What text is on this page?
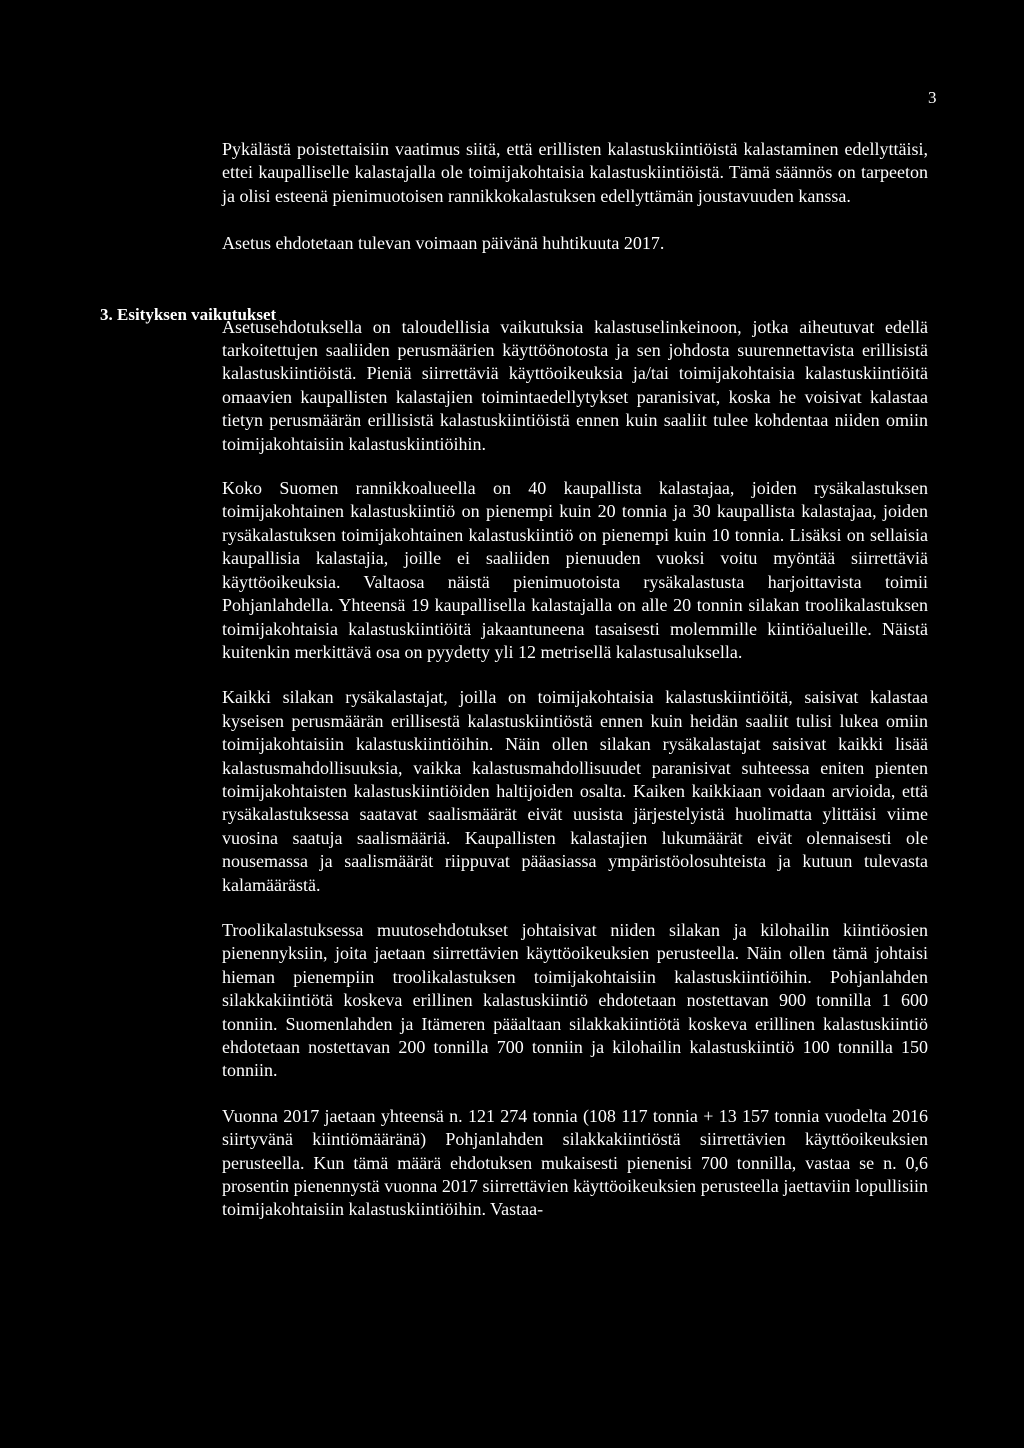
3
3. Esityksen vaikutukset

Pykälästä poistettaisiin vaatimus siitä, että erillisten kalastuskiintiöistä kalastaminen edellyttäisi, ettei kaupalliselle kalastajalla ole toimijakohtaisia kalastuskiintiöistä. Tämä säännös on tarpeeton ja olisi esteenä pienimuotoisen rannikkokalastuksen edellyttämän joustavuuden kanssa.

Asetus ehdotetaan tulevan voimaan päivänä huhtikuuta 2017.

Asetusehdotuksella on taloudellisia vaikutuksia kalastuselinkeinoon, jotka aiheutuvat edellä tarkoitettujen saaliiden perusmäärien käyttöönotosta ja sen johdosta suurennettavista erillisistä kalastuskiintiöistä. Pieniä siirrettäviä käyttöoikeuksia ja/tai toimijakohtaisia kalastuskiintiöitä omaavien kaupallisten kalastajien toimintaedellytykset paranisivat, koska he voisivat kalastaa tietyn perusmäärän erillisistä kalastuskiintiöistä ennen kuin saaliit tulee kohdentaa niiden omiin toimijakohtaisiin kalastuskiintiöihin.

Koko Suomen rannikkoalueella on 40 kaupallista kalastajaa, joiden rysäkalastuksen toimijakohtainen kalastuskiintiö on pienempi kuin 20 tonnia ja 30 kaupallista kalastajaa, joiden rysäkalastuksen toimijakohtainen kalastuskiintiö on pienempi kuin 10 tonnia. Lisäksi on sellaisia kaupallisia kalastajia, joille ei saaliiden pienuuden vuoksi voitu myöntää siirrettäviä käyttöoikeuksia. Valtaosa näistä pienimuotoista rysäkalastusta harjoittavista toimii Pohjanlahdella. Yhteensä 19 kaupallisella kalastajalla on alle 20 tonnin silakan troolikalastuksen toimijakohtaisia kalastuskiintiöitä jakaantuneena tasaisesti molemmille kiintiöalueille. Näistä kuitenkin merkittävä osa on pyydetty yli 12 metrisellä kalastusaluksella.

Kaikki silakan rysäkalastajat, joilla on toimijakohtaisia kalastuskiintiöitä, saisivat kalastaa kyseisen perusmäärän erillisestä kalastuskiintiöstä ennen kuin heidän saaliit tulisi lukea omiin toimijakohtaisiin kalastuskiintiöihin. Näin ollen silakan rysäkalastajat saisivat kaikki lisää kalastusmahdollisuuksia, vaikka kalastusmahdollisuudet paranisivat suhteessa eniten pienten toimijakohtaisten kalastuskiintiöiden haltijoiden osalta. Kaiken kaikkiaan voidaan arvioida, että rysäkalastuksessa saatavat saalismäärät eivät uusista järjestelyistä huolimatta ylittäisi viime vuosina saatuja saalismääriä. Kaupallisten kalastajien lukumäärät eivät olennaisesti ole nousemassa ja saalismäärät riippuvat pääasiassa ympäristöolosuhteista ja kutuun tulevasta kalamäärästä.

Troolikalastuksessa muutosehdotukset johtaisivat niiden silakan ja kilohailin kiintiöosien pienennyksiin, joita jaetaan siirrettävien käyttöoikeuksien perusteella. Näin ollen tämä johtaisi hieman pienempiin troolikalastuksen toimijakohtaisiin kalastuskiintiöihin. Pohjanlahden silakkakiintiötä koskeva erillinen kalastuskiintiö ehdotetaan nostettavan 900 tonnilla 1 600 tonniin. Suomenlahden ja Itämeren pääaltaan silakkakiintiötä koskeva erillinen kalastuskiintiö ehdotetaan nostettavan 200 tonnilla 700 tonniin ja kilohailin kalastuskiintiö 100 tonnilla 150 tonniin.

Vuonna 2017 jaetaan yhteensä n. 121 274 tonnia (108 117 tonnia + 13 157 tonnia vuodelta 2016 siirtyvänä kiintiömääränä) Pohjanlahden silakkakiintiöstä siirrettävien käyttöoikeuksien perusteella. Kun tämä määrä ehdotuksen mukaisesti pienenisi 700 tonnilla, vastaa se n. 0,6 prosentin pienennystä vuonna 2017 siirrettävien käyttöoikeuksien perusteella jaettaviin lopullisiin toimijakohtaisiin kalastuskiintiöihin. Vastaa-
